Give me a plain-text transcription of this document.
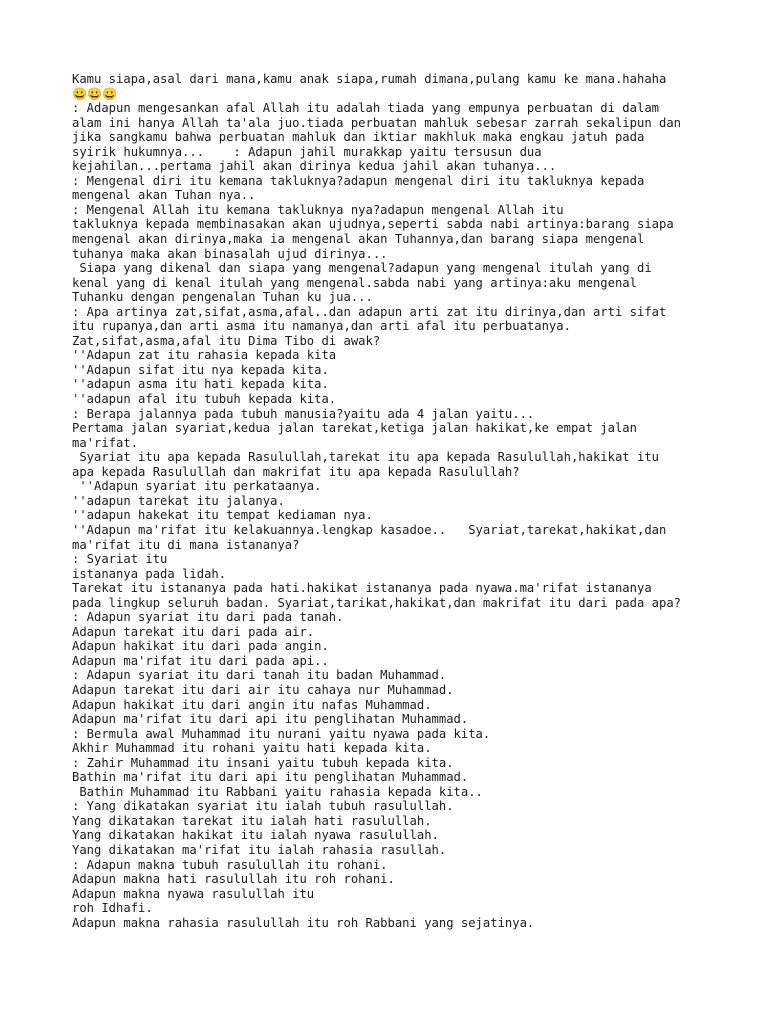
Kamu siapa,asal dari mana,kamu anak siapa,rumah dimana,pulang kamu ke mana.hahaha
😀😀😀
: Adapun mengesankan afal Allah itu adalah tiada yang empunya perbuatan di dalam
alam ini hanya Allah ta'ala juo.tiada perbuatan mahluk sebesar zarrah sekalipun dan
jika sangkamu bahwa perbuatan mahluk dan iktiar makhluk maka engkau jatuh pada
syirik hukumnya...    : Adapun jahil murakkap yaitu tersusun dua
kejahilan...pertama jahil akan dirinya kedua jahil akan tuhanya...
: Mengenal diri itu kemana takluknya?adapun mengenal diri itu takluknya kepada
mengenal akan Tuhan nya..
: Mengenal Allah itu kemana takluknya nya?adapun mengenal Allah itu
takluknya kepada membinasakan akan ujudnya,seperti sabda nabi artinya:barang siapa
mengenal akan dirinya,maka ia mengenal akan Tuhannya,dan barang siapa mengenal
tuhanya maka akan binasalah ujud dirinya...
Siapa yang dikenal dan siapa yang mengenal?adapun yang mengenal itulah yang di
kenal yang di kenal itulah yang mengenal.sabda nabi yang artinya:aku mengenal
Tuhanku dengan pengenalan Tuhan ku jua...
: Apa artinya zat,sifat,asma,afal..dan adapun arti zat itu dirinya,dan arti sifat
itu rupanya,dan arti asma itu namanya,dan arti afal itu perbuatanya.
Zat,sifat,asma,afal itu Dima Tibo di awak?
''Adapun zat itu rahasia kepada kita
''Adapun sifat itu nya kepada kita.
''adapun asma itu hati kepada kita.
''adapun afal itu tubuh kepada kita.
: Berapa jalannya pada tubuh manusia?yaitu ada 4 jalan yaitu...
Pertama jalan syariat,kedua jalan tarekat,ketiga jalan hakikat,ke empat jalan
ma'rifat.
Syariat itu apa kepada Rasulullah,tarekat itu apa kepada Rasulullah,hakikat itu
apa kepada Rasulullah dan makrifat itu apa kepada Rasulullah?
''Adapun syariat itu perkataanya.
''adapun tarekat itu jalanya.
''adapun hakekat itu tempat kediaman nya.
''Adapun ma'rifat itu kelakuannya.lengkap kasadoe..   Syariat,tarekat,hakikat,dan
ma'rifat itu di mana istananya?
: Syariat itu
istananya pada lidah.
Tarekat itu istananya pada hati.hakikat istananya pada nyawa.ma'rifat istananya
pada lingkup seluruh badan. Syariat,tarikat,hakikat,dan makrifat itu dari pada apa?
: Adapun syariat itu dari pada tanah.
Adapun tarekat itu dari pada air.
Adapun hakikat itu dari pada angin.
Adapun ma'rifat itu dari pada api..
: Adapun syariat itu dari tanah itu badan Muhammad.
Adapun tarekat itu dari air itu cahaya nur Muhammad.
Adapun hakikat itu dari angin itu nafas Muhammad.
Adapun ma'rifat itu dari api itu penglihatan Muhammad.
: Bermula awal Muhammad itu nurani yaitu nyawa pada kita.
Akhir Muhammad itu rohani yaitu hati kepada kita.
: Zahir Muhammad itu insani yaitu tubuh kepada kita.
Bathin ma'rifat itu dari api itu penglihatan Muhammad.
Bathin Muhammad itu Rabbani yaitu rahasia kepada kita..
: Yang dikatakan syariat itu ialah tubuh rasulullah.
Yang dikatakan tarekat itu ialah hati rasulullah.
Yang dikatakan hakikat itu ialah nyawa rasulullah.
Yang dikatakan ma'rifat itu ialah rahasia rasullah.
: Adapun makna tubuh rasulullah itu rohani.
Adapun makna hati rasulullah itu roh rohani.
Adapun makna nyawa rasulullah itu
roh Idhafi.
Adapun makna rahasia rasulullah itu roh Rabbani yang sejatinya.
